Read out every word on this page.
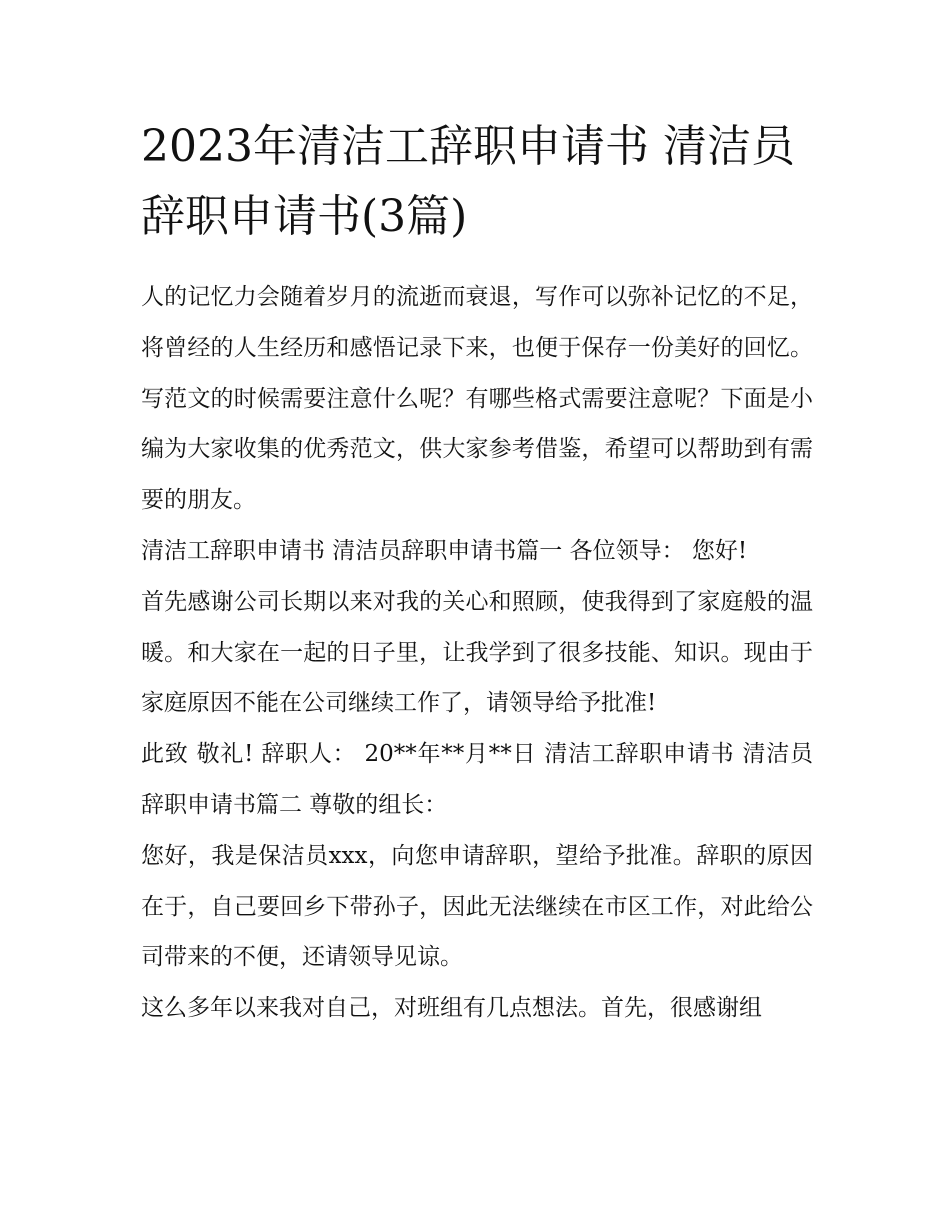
2023年清洁工辞职申请书 清洁员辞职申请书(3篇)

人的记忆力会随着岁月的流逝而衰退，写作可以弥补记忆的不足，将曾经的人生经历和感悟记录下来，也便于保存一份美好的回忆。写范文的时候需要注意什么呢？有哪些格式需要注意呢？下面是小编为大家收集的优秀范文，供大家参考借鉴，希望可以帮助到有需要的朋友。

清洁工辞职申请书 清洁员辞职申请书篇一 各位领导： 您好!

首先感谢公司长期以来对我的关心和照顾，使我得到了家庭般的温暖。和大家在一起的日子里，让我学到了很多技能、知识。现由于家庭原因不能在公司继续工作了，请领导给予批准!

此致 敬礼! 辞职人： 20**年**月**日 清洁工辞职申请书 清洁员辞职申请书篇二 尊敬的组长：

您好，我是保洁员xxx，向您申请辞职，望给予批准。辞职的原因在于，自己要回乡下带孙子，因此无法继续在市区工作，对此给公司带来的不便，还请领导见谅。

这么多年以来我对自己，对班组有几点想法。首先，很感谢组
